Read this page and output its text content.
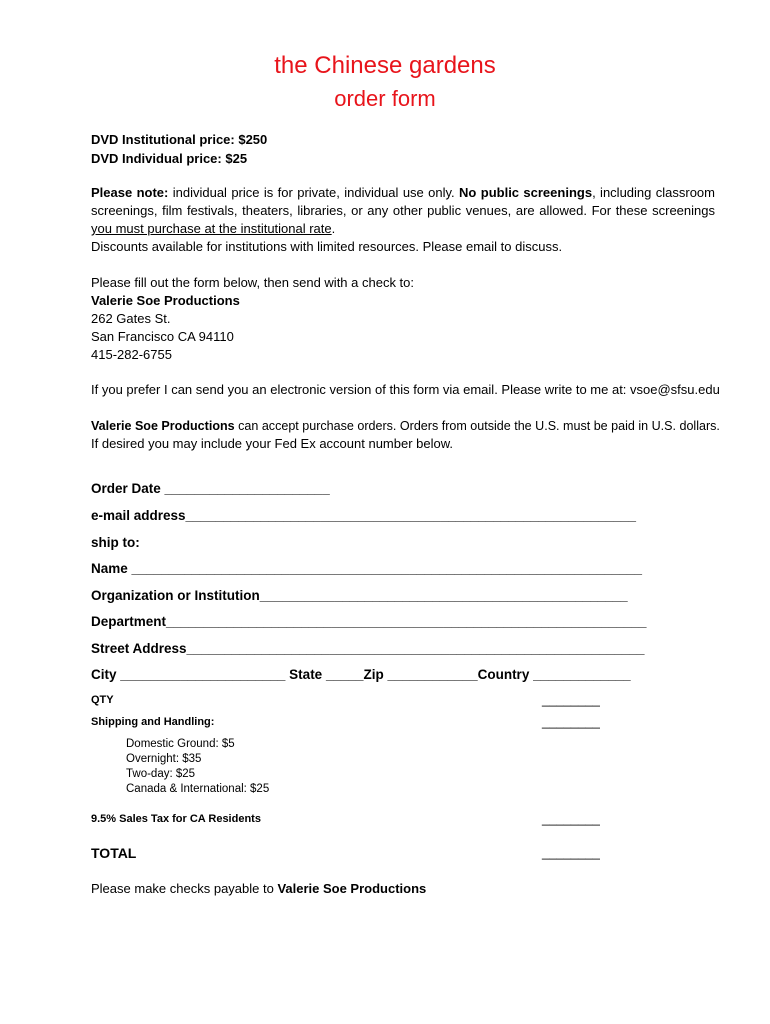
the Chinese gardens
order form
DVD Institutional price: $250
DVD Individual price: $25
Please note: individual price is for private, individual use only. No public screenings, including classroom screenings, film festivals, theaters, libraries, or any other public venues, are allowed. For these screenings you must purchase at the institutional rate.
Discounts available for institutions with limited resources. Please email to discuss.
Please fill out the form below, then send with a check to:
Valerie Soe Productions
262 Gates St.
San Francisco CA 94110
415-282-6755
If you prefer I can send you an electronic version of this form via email. Please write to me at: vsoe@sfsu.edu
Valerie Soe Productions can accept purchase orders. Orders from outside the U.S. must be paid in U.S. dollars.
If desired you may include your Fed Ex account number below.
Order Date ______________________
e-mail address____________________________________________________________
ship to:
Name ____________________________________________________________________
Organization or Institution_________________________________________________
Department________________________________________________________________
Street Address_____________________________________________________________
City ______________________ State _____Zip ____________Country _____________
QTY	________
Shipping and Handling:	________
Domestic Ground: $5
Overnight: $35
Two-day: $25
Canada & International: $25
9.5% Sales Tax for CA Residents	________
TOTAL	________
Please make checks payable to Valerie Soe Productions
